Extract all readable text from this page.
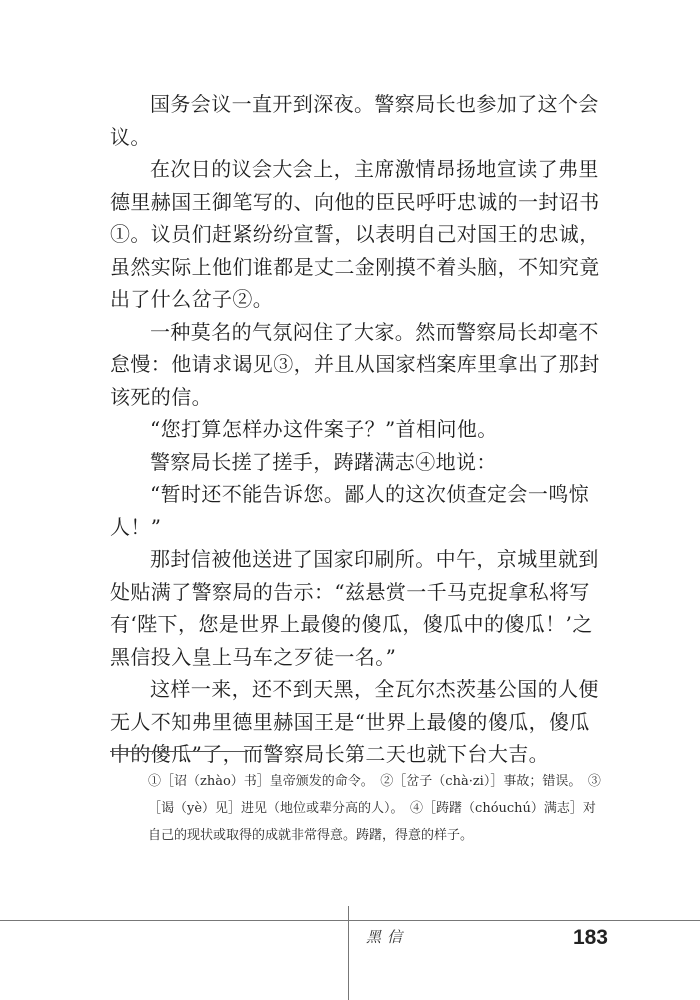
国务会议一直开到深夜。警察局长也参加了这个会议。

在次日的议会大会上，主席激情昂扬地宣读了弗里德里赫国王御笔写的、向他的臣民呼吁忠诚的一封诏书①。议员们赶紧纷纷宣誓，以表明自己对国王的忠诚，虽然实际上他们谁都是丈二金刚摸不着头脑，不知究竟出了什么岔子②。

一种莫名的气氛闷住了大家。然而警察局长却毫不怠慢：他请求谒见③，并且从国家档案库里拿出了那封该死的信。

“您打算怎样办这件案子？”首相问他。

警察局长搓了搓手，踌躇满志④地说：

“暂时还不能告诉您。鄙人的这次侦查定会一鸣惊人！”

那封信被他送进了国家印刷所。中午，京城里就到处贴满了警察局的告示：“兹悬赏一千马克捉拿私将写有‘陛下，您是世界上最傻的傻瓜，傻瓜中的傻瓜！’之黑信投入皇上马车之歹徒一名。”

这样一来，还不到天黑，全瓦尔杰茨基公国的人便无人不知弗里德里赫国王是“世界上最傻的傻瓜，傻瓜中的傻瓜”了，而警察局长第二天也就下台大吉。

①［诏（zhào）书］皇帝颁发的命令。　②［岔子（chà·zi）］事故；错误。　③［谒（yè）见］进见（地位或辈分高的人）。　④［踌躇（chóuchú）满志］对自己的现状或取得的成就非常得意。踌躇，得意的样子。

黑信	183
